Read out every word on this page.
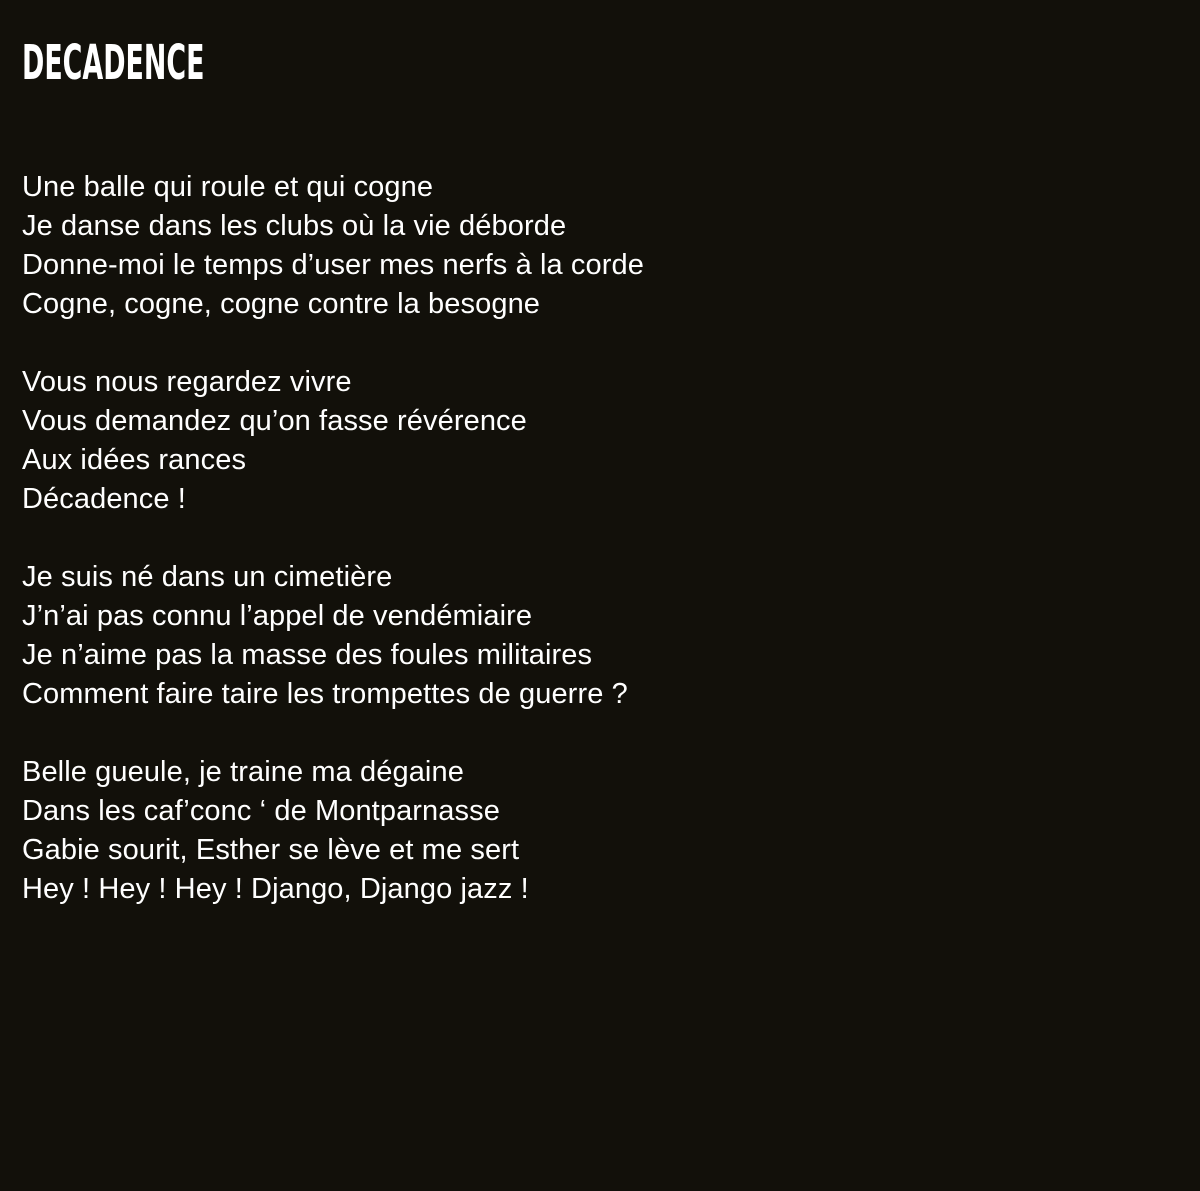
DECADENCE
Une balle qui roule et qui cogne
Je danse dans les clubs où la vie déborde
Donne-moi le temps d’user mes nerfs à la corde
Cogne, cogne, cogne contre la besogne
Vous nous regardez vivre
Vous demandez qu’on fasse révérence
Aux idées rances
Décadence !
Je suis né dans un cimetière
J’n’ai pas connu l’appel de vendémiaire
Je n’aime pas la masse des foules militaires
Comment faire taire les trompettes de guerre ?
Belle gueule, je traine ma dégaine
Dans les caf’conc ‘ de Montparnasse
Gabie sourit, Esther se lève et me sert
Hey ! Hey ! Hey ! Django, Django jazz !
